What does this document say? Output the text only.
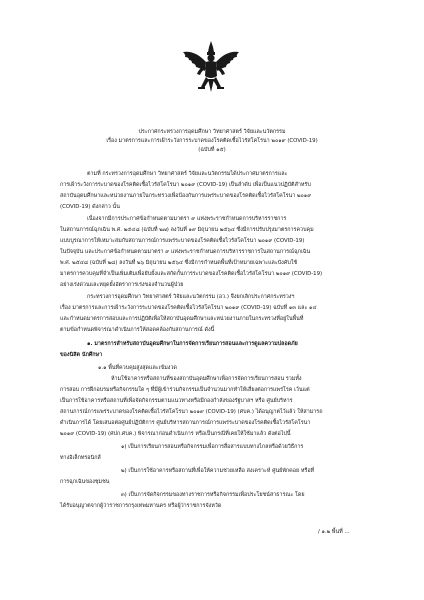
ประกาศกระทรวงการอุดมศึกษา วิทยาศาสตร์ วิจัยและนวัตกรรม
เรื่อง มาตรการและการเฝ้าระวังการระบาดของโรคติดเชื้อไวรัสโคโรนา ๒๐๑๙ (COVID-19)
(ฉบับที่ ๑๕)
ตามที่ กระทรวงการอุดมศึกษา วิทยาศาสตร์ วิจัยและนวัตกรรมได้ประกาศมาตรการและ
การเฝ้าระวังการระบาดของโรคติดเชื้อไวรัสโคโรนา ๒๐๑๙ (COVID-19) เป็นลำดับ เพื่อเป็นแนวปฏิบัติสำหรับ
สถาบันอุดมศึกษาและหน่วยงานภายในกระทรวงเพื่อป้องกันการแพร่ระบาดของโรคติดเชื้อไวรัสโคโรนา ๒๐๑๙
(COVID-19) ดังกล่าว นั้น
เนื่องจากมีการประกาศข้อกำหนดตามมาตรา ๙ แห่งพระราชกำหนดการบริหารราชการ
ในสถานการณ์ฉุกเฉิน พ.ศ. ๒๕๔๘ (ฉบับที่ ๒๗) ลงวันที่ ๑๙ มิถุนายน ๒๕๖๔ ซึ่งมีการปรับปรุงมาตรการควบคุม
แบบบูรณาการให้เหมาะสมกับสถานการณ์การแพร่ระบาดของโรคติดเชื้อไวรัสโคโรนา ๒๐๑๙ (COVID-19)
ในปัจจุบัน และประกาศข้อกำหนดตามมาตรา ๙ แห่งพระราชกำหนดการบริหารราชการในสถานการณ์ฉุกเฉิน
พ.ศ. ๒๕๔๘ (ฉบับที่ ๒๘) ลงวันที่ ๒๖ มิถุนายน ๒๕๖๔ ซึ่งมีการกำหนดพื้นที่เป้าหมายเฉพาะและบังคับใช้
มาตรการควบคุมที่จำเป็นเพิ่มเติมเพื่อยับยั้งและสกัดกั้นการระบาดของโรคติดเชื้อไวรัสโคโรนา ๒๐๑๙ (COVID-19)
อย่างเร่งด่วนและหยุดยั้งอัตราการเร่งของจำนวนผู้ป่วย
กระทรวงการอุดมศึกษา วิทยาศาสตร์ วิจัยและนวัตกรรม (อว.) จึงยกเลิกประกาศกระทรวงฯ
เรื่อง มาตรการและการเฝ้าระวังการระบาดของโรคติดเชื้อไวรัสโคโรนา ๒๐๑๙ (COVID-19) ฉบับที่ ๑๓ และ ๑๔
และกำหนดมาตรการสอบและการปฏิบัติเพื่อให้สถาบันอุดมศึกษาและหน่วยงานภายในกระทรวงที่อยู่ในพื้นที่
ตามข้อกำหนดพิจารณาดำเนินการให้สอดคล้องกับสถานการณ์ ดังนี้
๑. มาตรการสำหรับสถาบันอุดมศึกษาในการจัดการเรียนการสอนและการดูแลความปลอดภัย
ของนิสิต นักศึกษา
๑.๑ พื้นที่ควบคุมสูงสุดและเข้มงวด
ห้ามใช้อาคารหรือสถานที่ของสถาบันอุดมศึกษาเพื่อการจัดการเรียนการสอน รวมทั้ง
การสอบ การฝึกอบรมหรือกิจกรรมใด ๆ ที่มีผู้เข้าร่วมกิจกรรมเป็นจำนวนมากทำให้เสี่ยงต่อการแพร่โรค เว้นแต่
เป็นการใช้อาคารหรือสถานที่เพื่อจัดกิจกรรมตามแนวทางหรือมีกองกำลังของรัฐบาลฯ หรือ ศูนย์บริหาร
สถานการณ์การแพร่ระบาดของโรคติดเชื้อไวรัสโคโรนา ๒๐๑๙ (COVID-19) (ศบค.) ได้อนุญาตไว้แล้ว ให้สามารถ
ดำเนินการได้ โดยเสนอต่อศูนย์ปฏิบัติการ ศูนย์บริหารสถานการณ์การแพร่ระบาดของโรคติดเชื้อไวรัสโคโรนา
๒๐๑๙ (COVID-19) (ศปก.ศบค.) พิจารณาก่อนดำเนินการ หรือเป็นกรณีที่เคยให้ใช้มาแล้ว ดังต่อไปนี้
๑) เป็นการเรียนการสอนหรือกิจกรรมเพื่อการสื่อสารแบบทางไกลหรือด้วยวิธีการ
ทางอิเล็กทรอนิกส์
๒) เป็นการใช้อาคารหรือสถานที่เพื่อให้ความช่วยเหลือ สงเคราะห์ ศูนย์พักคอย หรือที่
การฉุกเฉินของชุมชน
๓) เป็นการจัดกิจกรรมของทางราชการหรือกิจกรรมเพื่อประโยชน์สาธารณะ โดย
ได้รับอนุญาตจากผู้ว่าราชการกรุงเทพมหานคร หรือผู้ว่าราชการจังหวัด
/ ๑.๒ พื้นที่ ...
